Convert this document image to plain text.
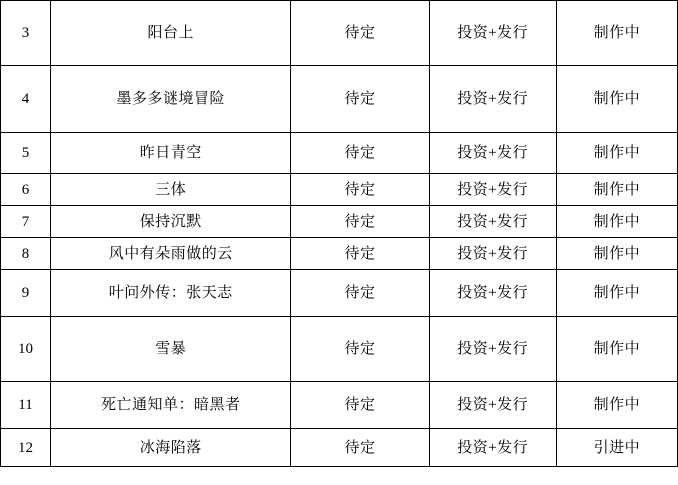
3	阳台上	待定	投资+发行	制作中
4	墨多多谜境冒险	待定	投资+发行	制作中
5	昨日青空	待定	投资+发行	制作中
6	三体	待定	投资+发行	制作中
7	保持沉默	待定	投资+发行	制作中
8	风中有朵雨做的云	待定	投资+发行	制作中
9	叶问外传：张天志	待定	投资+发行	制作中
10	雪暴	待定	投资+发行	制作中
11	死亡通知单：暗黑者	待定	投资+发行	制作中
12	冰海陷落	待定	投资+发行	引进中
